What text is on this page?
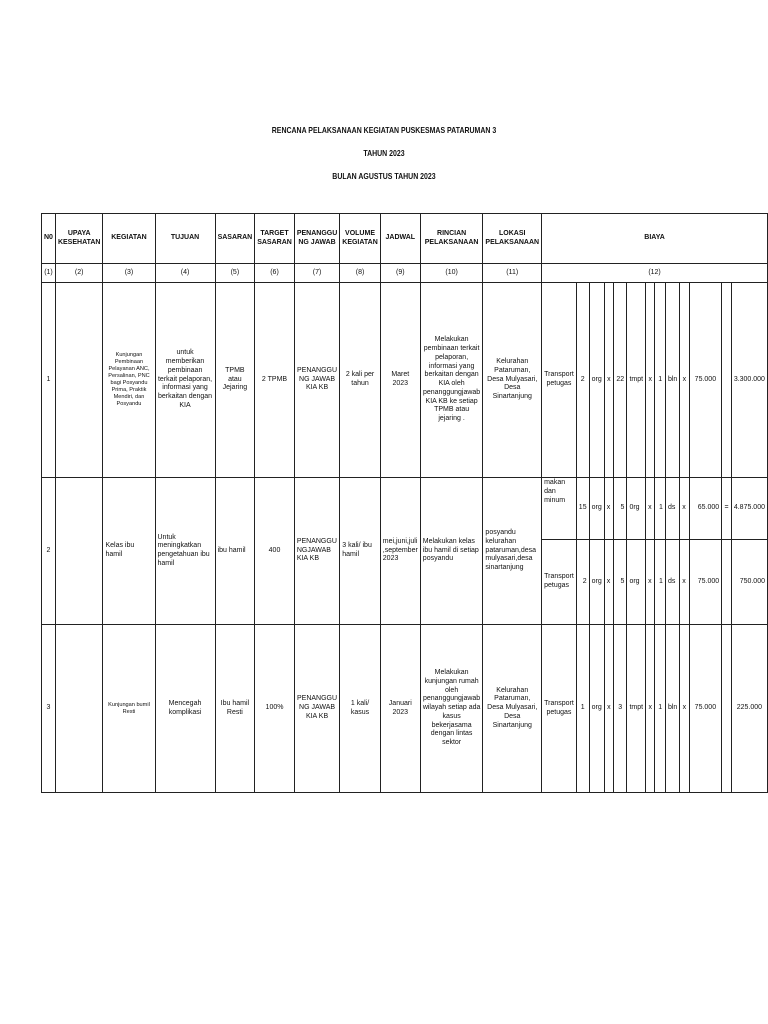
RENCANA PELAKSANAAN KEGIATAN PUSKESMAS PATARUMAN 3
TAHUN 2023
BULAN AGUSTUS TAHUN 2023
N0	UPAYA KESEHATAN	KEGIATAN	TUJUAN	SASARAN	TARGET SASARAN	PENANGGU NG JAWAB	VOLUME KEGIATAN	JADWAL	RINCIAN PELAKSANAAN	LOKASI PELAKSANAAN	BIAYA												
(1)	(2)	(3)	(4)	(5)	(6)	(7)	(8)	(9)	(10)	(11)	(12)												
1		Kunjungan Pembinaan Pelayanan ANC, Persalinan, PNC bagi Posyandu Prima, Praktik Mendiri, dan Posyandu	untuk memberikan pembinaan terkait pelaporan, informasi yang berkaitan dengan KIA	TPMB atau Jejaring	2 TPMB	PENANGGU NG JAWAB KIA KB	2 kali per tahun	Maret 2023	Melakukan pembinaan terkait pelaporan, informasi yang berkaitan dengan KIA oleh penanggungjawab KIA KB ke setiap TPMB atau jejaring .	Kelurahan Pataruman, Desa Mulyasari, Desa Sinartanjung	Transport petugas	2	org	x	22	tmpt	x	1	bln	x	75.000		3.300.000
2		Kelas ibu hamil	Untuk meningkatkan pengetahuan ibu hamil	ibu hamil	400	PENANGGU NGJAWAB KIA KB	3 kali/ ibu hamil	mei,juni,juli ,september 2023	Melakukan kelas ibu hamil di setiap posyandu	posyandu kelurahan pataruman,desa mulyasari,desa sinartanjung	makan dan minum	15	org	x	5	0rg	x	1	ds	x	65.000	=	4.875.000
											Transport petugas	2	org	x	5	org	x	1	ds	x	75.000		750.000
3		Kunjungan bumil Resti	Mencegah komplikasi	Ibu hamil Resti	100%	PENANGGU NG JAWAB KIA KB	1 kali/ kasus	Januari 2023	Melakukan kunjungan rumah oleh penanggungjawab wilayah setiap ada kasus bekerjasama dengan lintas sektor	Kelurahan Pataruman, Desa Mulyasari, Desa Sinartanjung	Transport petugas	1	org	x	3	tmpt	x	1	bln	x	75.000		225.000
